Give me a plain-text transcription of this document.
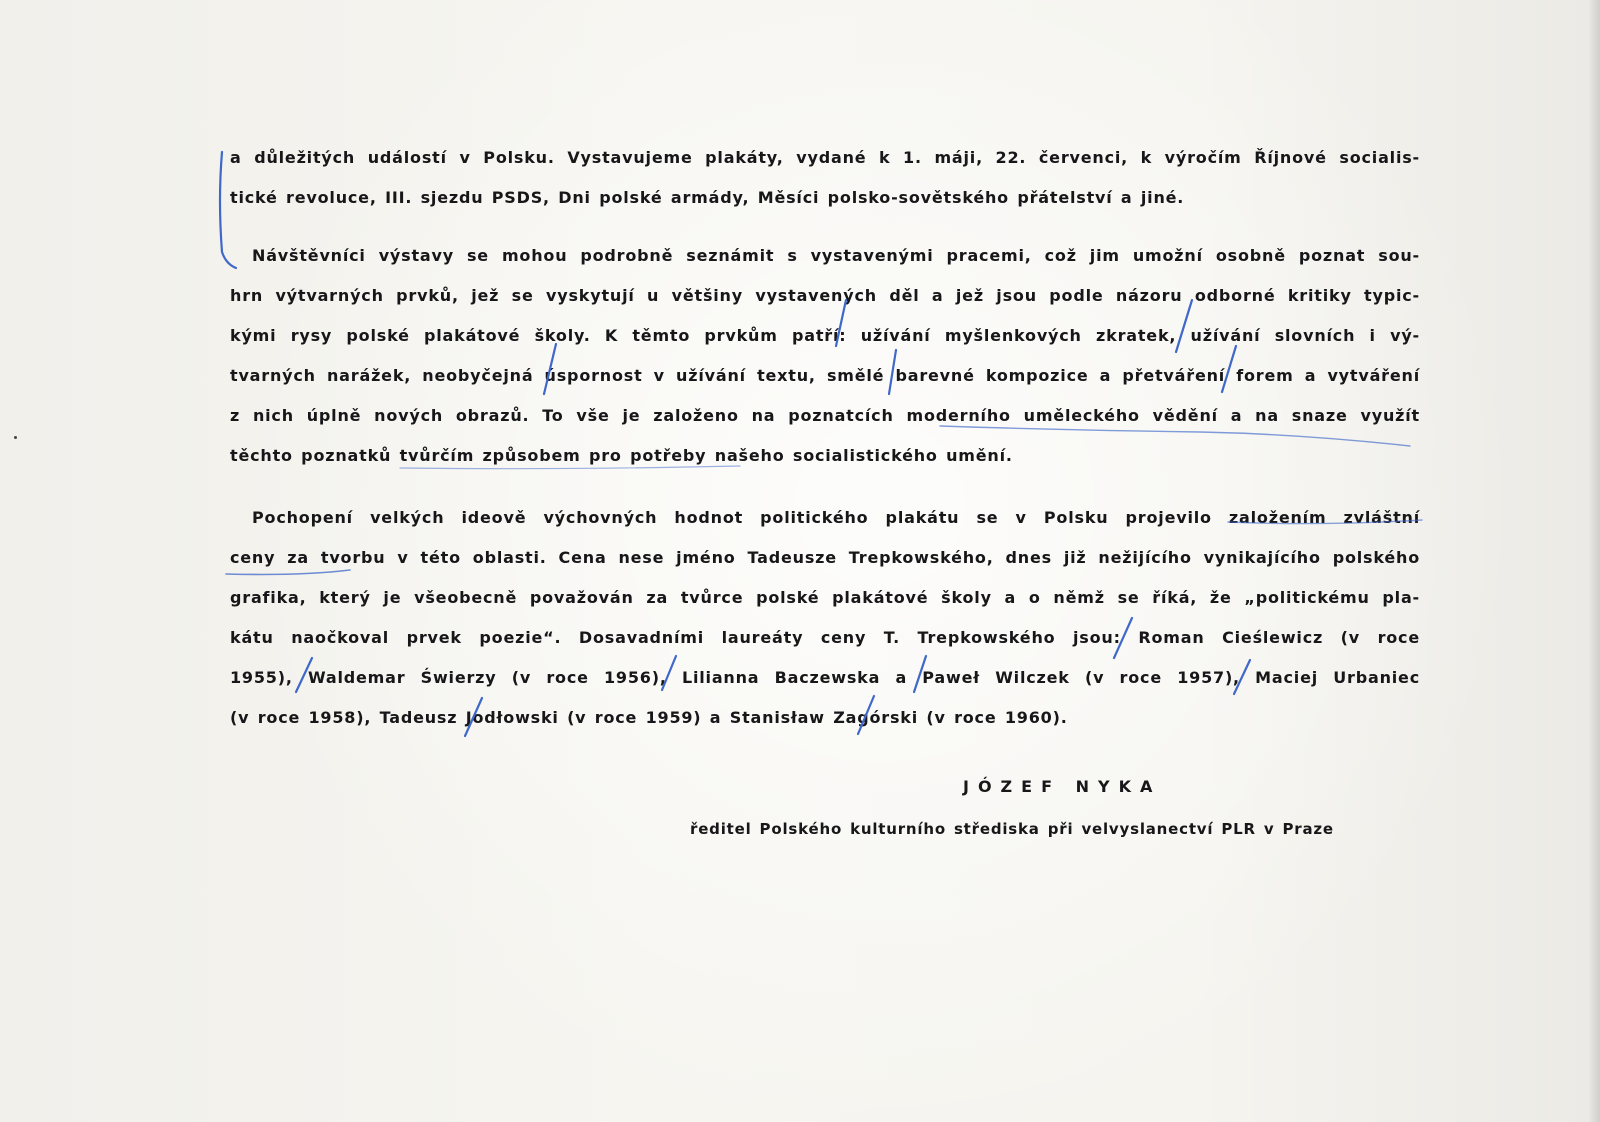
a důležitých událostí v Polsku. Vystavujeme plakáty, vydané k 1. máji, 22. červenci, k výročím Říjnové socialis-
tické revoluce, III. sjezdu PSDS, Dni polské armády, Měsíci polsko-sovětského přátelství a jiné.
Návštěvníci výstavy se mohou podrobně seznámit s vystavenými pracemi, což jim umožní osobně poznat sou-
hrn výtvarných prvků, jež se vyskytují u většiny vystavených děl a jež jsou podle názoru odborné kritiky typic-
kými rysy polské plakátové školy. K těmto prvkům patří: užívání myšlenkových zkratek, užívání slovních i vý-
tvarných narážek, neobyčejná úspornost v užívání textu, smělé barevné kompozice a přetváření forem a vytváření
z nich úplně nových obrazů. To vše je založeno na poznatcích moderního uměleckého vědění a na snaze využít
těchto poznatků tvůrčím způsobem pro potřeby našeho socialistického umění.
Pochopení velkých ideově výchovných hodnot politického plakátu se v Polsku projevilo založením zvláštní
ceny za tvorbu v této oblasti. Cena nese jméno Tadeusze Trepkowského, dnes již nežijícího vynikajícího polského
grafika, který je všeobecně považován za tvůrce polské plakátové školy a o němž se říká, že „politickému pla-
kátu naočkoval prvek poezie“. Dosavadními laureáty ceny T. Trepkowského jsou: Roman Cieślewicz (v roce
1955), Waldemar Świerzy (v roce 1956), Lilianna Baczewska a Paweł Wilczek (v roce 1957), Maciej Urbaniec
(v roce 1958), Tadeusz Jodłowski (v roce 1959) a Stanisław Zagórski (v roce 1960).
JÓZEF NYKA
ředitel Polského kulturního střediska při velvyslanectví PLR v Praze
